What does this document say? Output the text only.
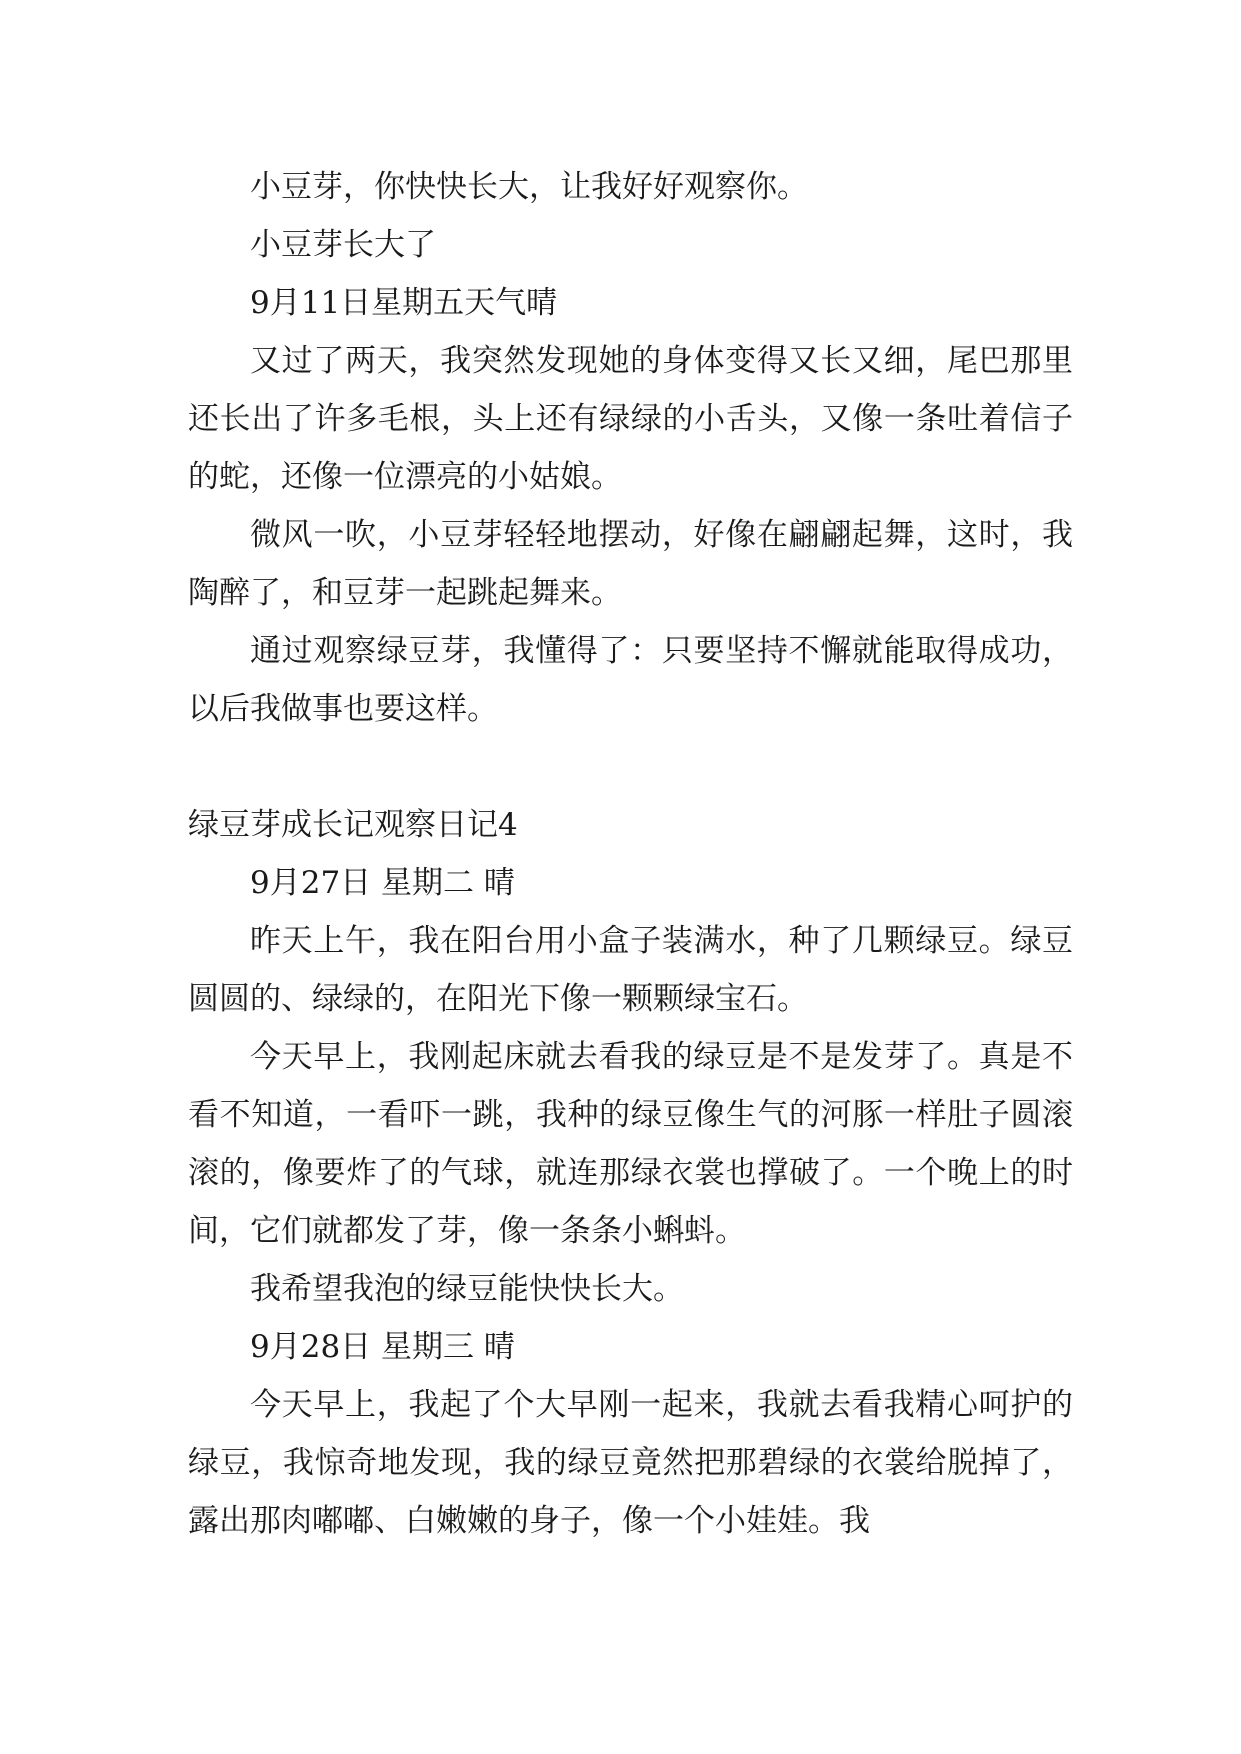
小豆芽，你快快长大，让我好好观察你。

小豆芽长大了

9月11日星期五天气晴

又过了两天，我突然发现她的身体变得又长又细，尾巴那里还长出了许多毛根，头上还有绿绿的小舌头，又像一条吐着信子的蛇，还像一位漂亮的小姑娘。

微风一吹，小豆芽轻轻地摆动，好像在翩翩起舞，这时，我陶醉了，和豆芽一起跳起舞来。

通过观察绿豆芽，我懂得了：只要坚持不懈就能取得成功，以后我做事也要这样。

绿豆芽成长记观察日记4

9月27日 星期二 晴

昨天上午，我在阳台用小盒子装满水，种了几颗绿豆。绿豆圆圆的、绿绿的，在阳光下像一颗颗绿宝石。

今天早上，我刚起床就去看我的绿豆是不是发芽了。真是不看不知道，一看吓一跳，我种的绿豆像生气的河豚一样肚子圆滚滚的，像要炸了的气球，就连那绿衣裳也撑破了。一个晚上的时间，它们就都发了芽，像一条条小蝌蚪。

我希望我泡的绿豆能快快长大。

9月28日 星期三 晴

今天早上，我起了个大早刚一起来，我就去看我精心呵护的绿豆，我惊奇地发现，我的绿豆竟然把那碧绿的衣裳给脱掉了，露出那肉嘟嘟、白嫩嫩的身子，像一个小娃娃。我
